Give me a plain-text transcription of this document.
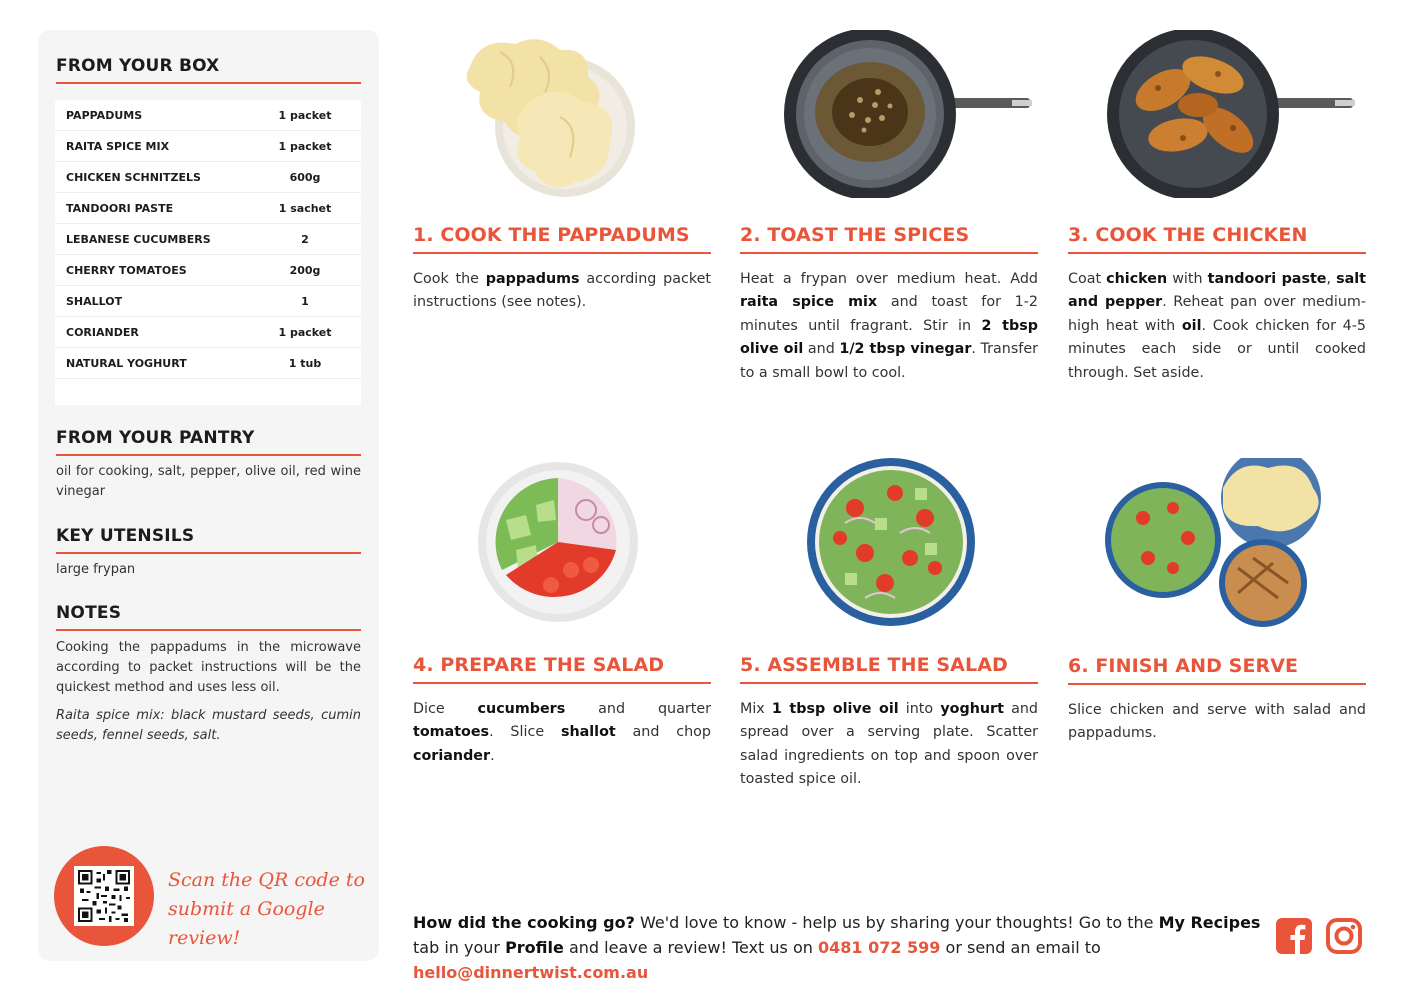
FROM YOUR BOX
PAPPADUMS	1 packet
RAITA SPICE MIX	1 packet
CHICKEN SCHNITZELS	600g
TANDOORI PASTE	1 sachet
LEBANESE CUCUMBERS	2
CHERRY TOMATOES	200g
SHALLOT	1
CORIANDER	1 packet
NATURAL YOGHURT	1 tub
FROM YOUR PANTRY
oil for cooking, salt, pepper, olive oil, red wine vinegar
KEY UTENSILS
large frypan
NOTES
Cooking the pappadums in the microwave according to packet instructions will be the quickest method and uses less oil.
Raita spice mix: black mustard seeds, cumin seeds, fennel seeds, salt.
Scan the QR code to
submit a Google review!
1. COOK THE PAPPADUMS
Cook the pappadums according packet instructions (see notes).
2. TOAST THE SPICES
Heat a frypan over medium heat. Add raita spice mix and toast for 1-2 minutes until fragrant. Stir in 2 tbsp olive oil and 1/2 tbsp vinegar. Transfer to a small bowl to cool.
3. COOK THE CHICKEN
Coat chicken with tandoori paste, salt and pepper. Reheat pan over medium-high heat with oil. Cook chicken for 4-5 minutes each side or until cooked through. Set aside.
4. PREPARE THE SALAD
Dice cucumbers and quarter tomatoes. Slice shallot and chop coriander.
5. ASSEMBLE THE SALAD
Mix 1 tbsp olive oil into yoghurt and spread over a serving plate. Scatter salad ingredients on top and spoon over toasted spice oil.
6. FINISH AND SERVE
Slice chicken and serve with salad and pappadums.
How did the cooking go? We'd love to know - help us by sharing your thoughts! Go to the My Recipes tab in your Profile and leave a review! Text us on 0481 072 599 or send an email to hello@dinnertwist.com.au
